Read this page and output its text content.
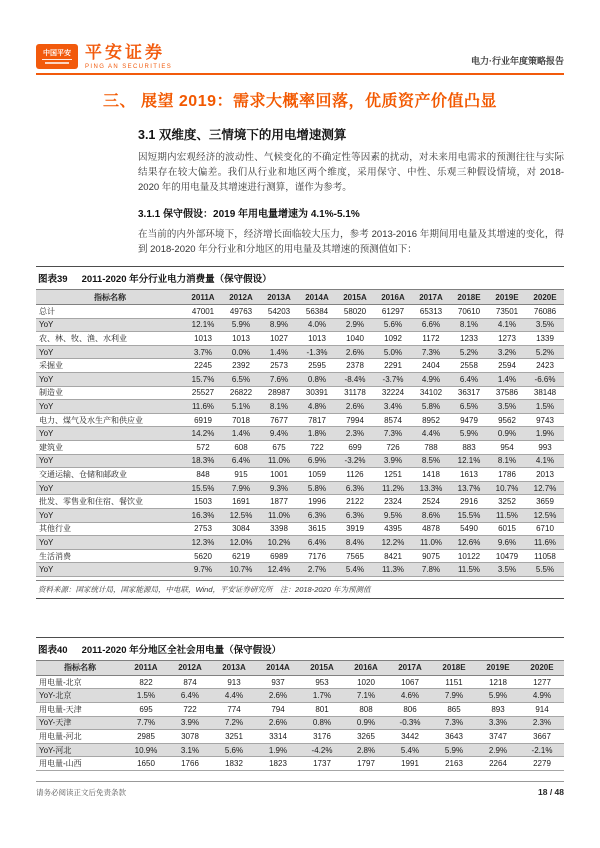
中国平安 平安证券
PING AN SECURITIES
电力·行业年度策略报告
三、 展望 2019：需求大概率回落，优质资产价值凸显
3.1 双维度、三情境下的用电增速测算
因短期内宏观经济的波动性、气候变化的不确定性等因素的扰动，对未来用电需求的预测往往与实际结果存在较大偏差。我们从行业和地区两个维度，采用保守、中性、乐观三种假设情境，对 2018-2020 年的用电量及其增速进行测算，谨作为参考。
3.1.1 保守假设：2019 年用电量增速为 4.1%-5.1%
在当前的内外部环境下，经济增长面临较大压力，参考 2013-2016 年期间用电量及其增速的变化，得到 2018-2020 年分行业和分地区的用电量及其增速的预测值如下：
图表39 2011-2020 年分行业电力消费量（保守假设）
指标名称	2011A	2012A	2013A	2014A	2015A	2016A	2017A	2018E	2019E	2020E
总计	47001	49763	54203	56384	58020	61297	65313	70610	73501	76086
YoY	12.1%	5.9%	8.9%	4.0%	2.9%	5.6%	6.6%	8.1%	4.1%	3.5%
农、林、牧、渔、水利业	1013	1013	1027	1013	1040	1092	1172	1233	1273	1339
YoY	3.7%	0.0%	1.4%	-1.3%	2.6%	5.0%	7.3%	5.2%	3.2%	5.2%
采掘业	2245	2392	2573	2595	2378	2291	2404	2558	2594	2423
YoY	15.7%	6.5%	7.6%	0.8%	-8.4%	-3.7%	4.9%	6.4%	1.4%	-6.6%
制造业	25527	26822	28987	30391	31178	32224	34102	36317	37586	38148
YoY	11.6%	5.1%	8.1%	4.8%	2.6%	3.4%	5.8%	6.5%	3.5%	1.5%
电力、煤气及水生产和供应业	6919	7018	7677	7817	7994	8574	8952	9479	9562	9743
YoY	14.2%	1.4%	9.4%	1.8%	2.3%	7.3%	4.4%	5.9%	0.9%	1.9%
建筑业	572	608	675	722	699	726	788	883	954	993
YoY	18.3%	6.4%	11.0%	6.9%	-3.2%	3.9%	8.5%	12.1%	8.1%	4.1%
交通运输、仓储和邮政业	848	915	1001	1059	1126	1251	1418	1613	1786	2013
YoY	15.5%	7.9%	9.3%	5.8%	6.3%	11.2%	13.3%	13.7%	10.7%	12.7%
批发、零售业和住宿、餐饮业	1503	1691	1877	1996	2122	2324	2524	2916	3252	3659
YoY	16.3%	12.5%	11.0%	6.3%	6.3%	9.5%	8.6%	15.5%	11.5%	12.5%
其他行业	2753	3084	3398	3615	3919	4395	4878	5490	6015	6710
YoY	12.3%	12.0%	10.2%	6.4%	8.4%	12.2%	11.0%	12.6%	9.6%	11.6%
生活消费	5620	6219	6989	7176	7565	8421	9075	10122	10479	11058
YoY	9.7%	10.7%	12.4%	2.7%	5.4%	11.3%	7.8%	11.5%	3.5%	5.5%
资料来源：国家统计局，国家能源局，中电联，Wind，平安证券研究所　注：2018-2020 年为预测值
图表40 2011-2020 年分地区全社会用电量（保守假设）
指标名称	2011A	2012A	2013A	2014A	2015A	2016A	2017A	2018E	2019E	2020E
用电量-北京	822	874	913	937	953	1020	1067	1151	1218	1277
YoY-北京	1.5%	6.4%	4.4%	2.6%	1.7%	7.1%	4.6%	7.9%	5.9%	4.9%
用电量-天津	695	722	774	794	801	808	806	865	893	914
YoY-天津	7.7%	3.9%	7.2%	2.6%	0.8%	0.9%	-0.3%	7.3%	3.3%	2.3%
用电量-河北	2985	3078	3251	3314	3176	3265	3442	3643	3747	3667
YoY-河北	10.9%	3.1%	5.6%	1.9%	-4.2%	2.8%	5.4%	5.9%	2.9%	-2.1%
用电量-山西	1650	1766	1832	1823	1737	1797	1991	2163	2264	2279
请务必阅读正文后免责条款	18 / 48
